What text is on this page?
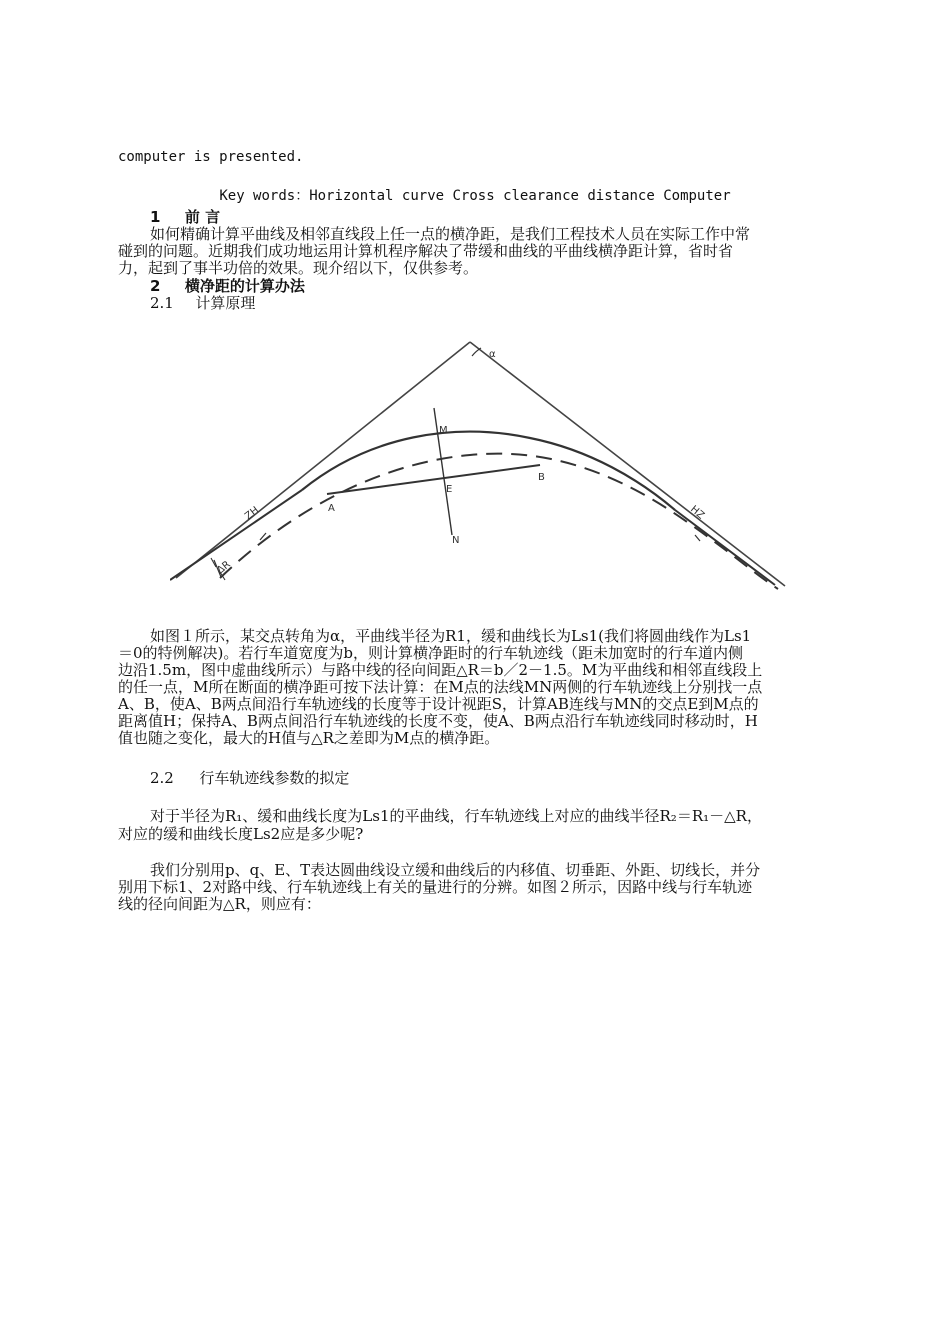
computer is presented.
Key words：Horizontal curve Cross clearance distance Computer
1 前 言
如何精确计算平曲线及相邻直线段上任一点的横净距，是我们工程技术人员在实际工作中常
碰到的问题。近期我们成功地运用计算机程序解决了带缓和曲线的平曲线横净距计算，省时省
力，起到了事半功倍的效果。现介绍以下，仅供参考。
2 横净距的计算办法
2.1 计算原理
α
M
E
B
A
N
ZH	HZ
ΔR
如图１所示，某交点转角为α，平曲线半径为R1，缓和曲线长为Ls1(我们将圆曲线作为Ls1
＝0的特例解决)。若行车道宽度为b，则计算横净距时的行车轨迹线（距未加宽时的行车道内侧
边沿1.5m，图中虚曲线所示）与路中线的径向间距△R＝b／2－1.5。M为平曲线和相邻直线段上
的任一点，M所在断面的横净距可按下法计算：在M点的法线MN两侧的行车轨迹线上分别找一点
A、B，使A、B两点间沿行车轨迹线的长度等于设计视距S，计算AB连线与MN的交点E到M点的
距离值H；保持A、B两点间沿行车轨迹线的长度不变，使A、B两点沿行车轨迹线同时移动时，H
值也随之变化，最大的H值与△R之差即为M点的横净距。
2.2 行车轨迹线参数的拟定
对于半径为R₁、缓和曲线长度为Ls1的平曲线，行车轨迹线上对应的曲线半径R₂＝R₁－△R，
对应的缓和曲线长度Ls2应是多少呢?
我们分别用p、q、E、T表达圆曲线设立缓和曲线后的内移值、切垂距、外距、切线长，并分
别用下标1、2对路中线、行车轨迹线上有关的量进行的分辨。如图２所示，因路中线与行车轨迹
线的径向间距为△R，则应有：
